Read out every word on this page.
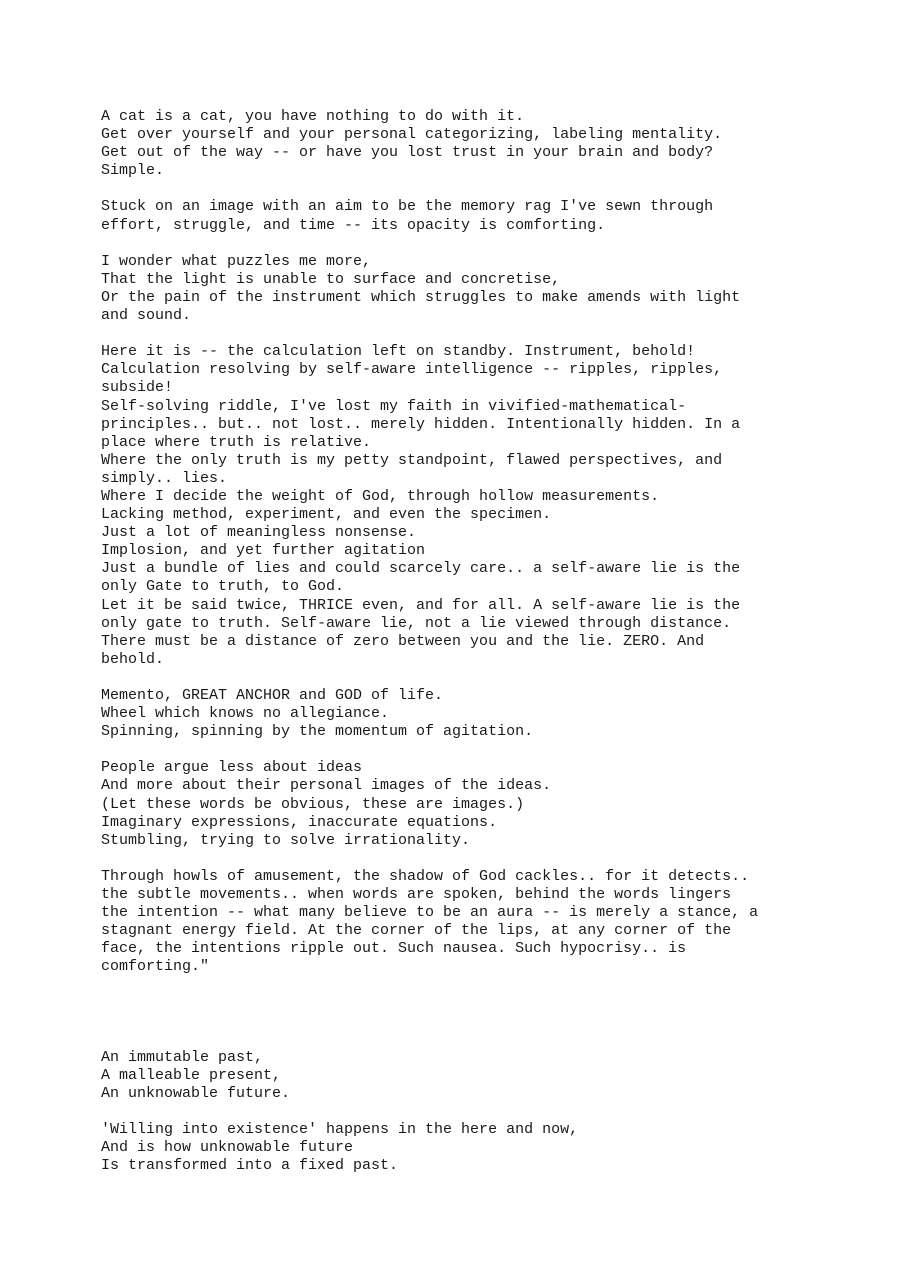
A cat is a cat, you have nothing to do with it.
Get over yourself and your personal categorizing, labeling mentality.
Get out of the way -- or have you lost trust in your brain and body?
Simple.
Stuck on an image with an aim to be the memory rag I've sewn through
effort, struggle, and time -- its opacity is comforting.
I wonder what puzzles me more,
That the light is unable to surface and concretise,
Or the pain of the instrument which struggles to make amends with light
and sound.
Here it is -- the calculation left on standby. Instrument, behold!
Calculation resolving by self-aware intelligence -- ripples, ripples,
subside!
Self-solving riddle, I've lost my faith in vivified-mathematical-
principles.. but.. not lost.. merely hidden. Intentionally hidden. In a
place where truth is relative.
Where the only truth is my petty standpoint, flawed perspectives, and
simply.. lies.
Where I decide the weight of God, through hollow measurements.
Lacking method, experiment, and even the specimen.
Just a lot of meaningless nonsense.
Implosion, and yet further agitation
Just a bundle of lies and could scarcely care.. a self-aware lie is the
only Gate to truth, to God.
Let it be said twice, THRICE even, and for all. A self-aware lie is the
only gate to truth. Self-aware lie, not a lie viewed through distance.
There must be a distance of zero between you and the lie. ZERO. And
behold.
Memento, GREAT ANCHOR and GOD of life.
Wheel which knows no allegiance.
Spinning, spinning by the momentum of agitation.
People argue less about ideas
And more about their personal images of the ideas.
(Let these words be obvious, these are images.)
Imaginary expressions, inaccurate equations.
Stumbling, trying to solve irrationality.
Through howls of amusement, the shadow of God cackles.. for it detects..
the subtle movements.. when words are spoken, behind the words lingers
the intention -- what many believe to be an aura -- is merely a stance, a
stagnant energy field. At the corner of the lips, at any corner of the
face, the intentions ripple out. Such nausea. Such hypocrisy.. is
comforting."
An immutable past,
A malleable present,
An unknowable future.
'Willing into existence' happens in the here and now,
And is how unknowable future
Is transformed into a fixed past.
